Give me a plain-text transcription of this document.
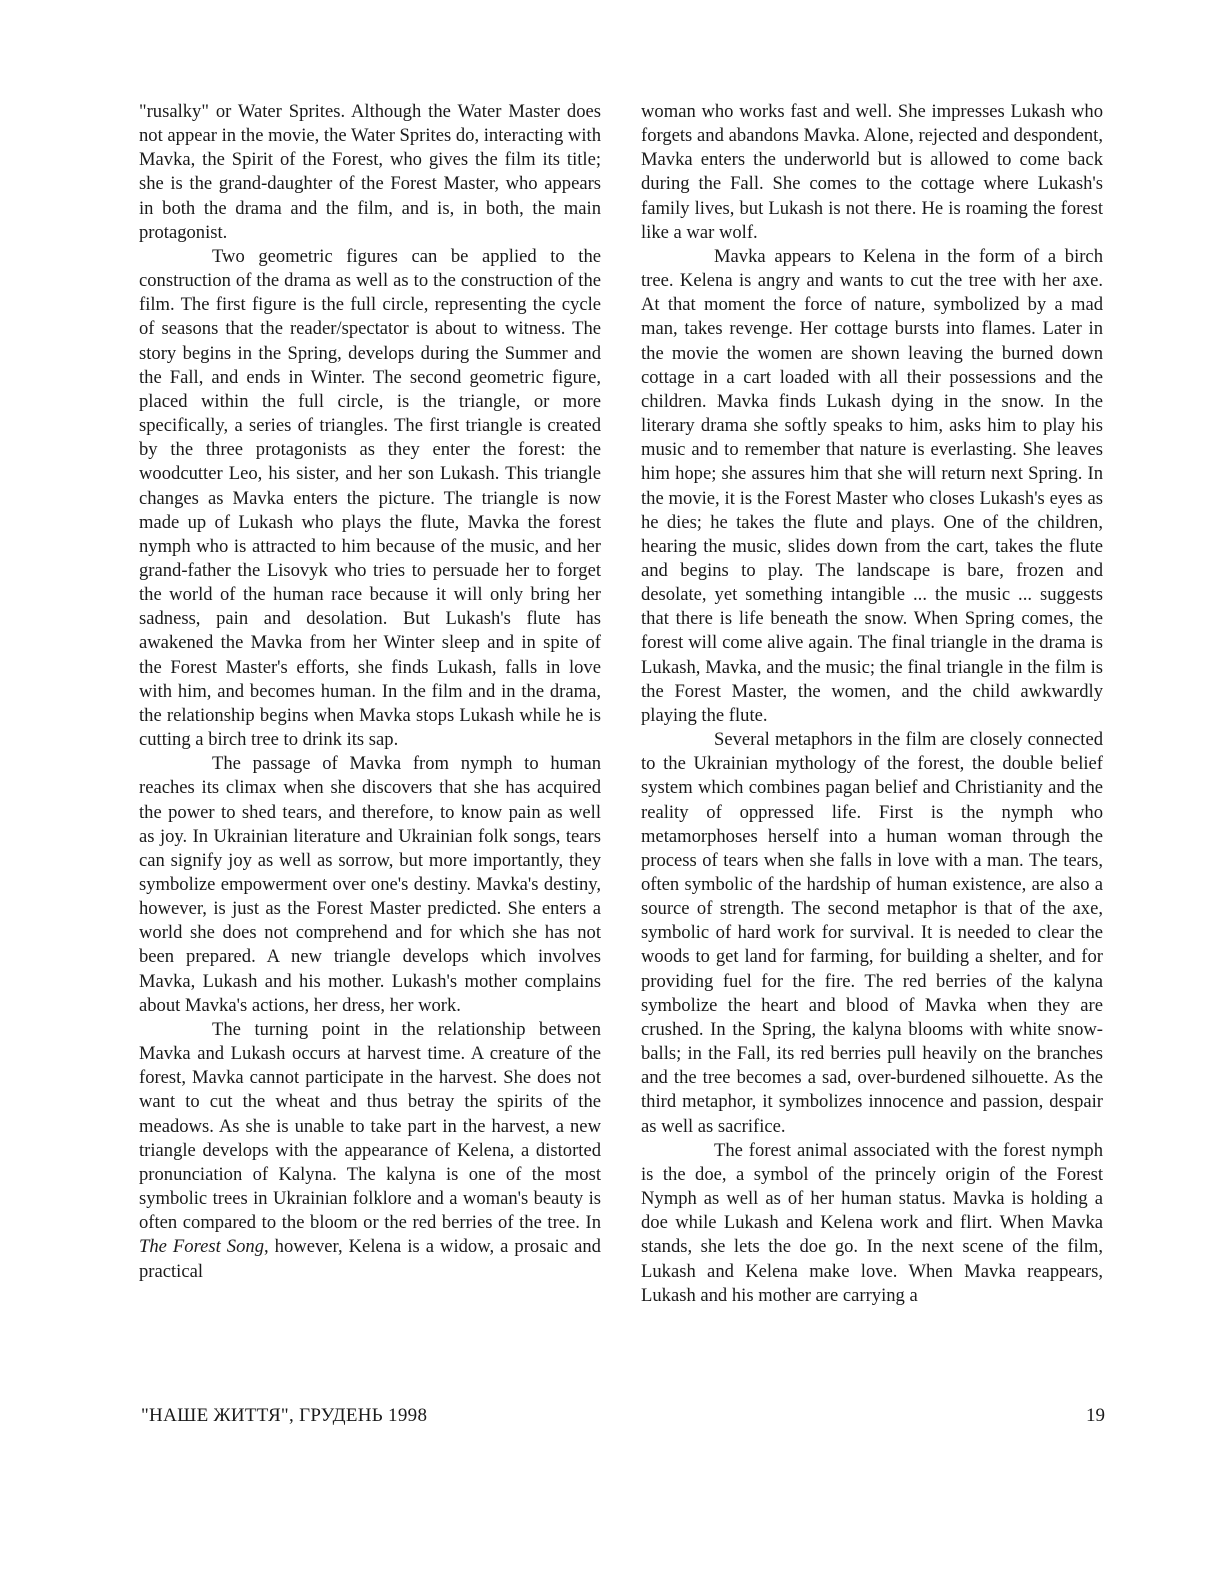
"rusalky" or Water Sprites. Although the Water Master does not appear in the movie, the Water Sprites do, interacting with Mavka, the Spirit of the Forest, who gives the film its title; she is the grand-daughter of the Forest Master, who appears in both the drama and the film, and is, in both, the main protagonist.

Two geometric figures can be applied to the construction of the drama as well as to the construction of the film. The first figure is the full circle, representing the cycle of seasons that the reader/spectator is about to witness. The story begins in the Spring, develops during the Summer and the Fall, and ends in Winter. The second geometric figure, placed within the full circle, is the triangle, or more specifically, a series of triangles. The first triangle is created by the three protagonists as they enter the forest: the woodcutter Leo, his sister, and her son Lukash. This triangle changes as Mavka enters the picture. The triangle is now made up of Lukash who plays the flute, Mavka the forest nymph who is attracted to him because of the music, and her grand-father the Lisovyk who tries to persuade her to forget the world of the human race because it will only bring her sadness, pain and desolation. But Lukash's flute has awakened the Mavka from her Winter sleep and in spite of the Forest Master's efforts, she finds Lukash, falls in love with him, and becomes human. In the film and in the drama, the relationship begins when Mavka stops Lukash while he is cutting a birch tree to drink its sap.

The passage of Mavka from nymph to human reaches its climax when she discovers that she has acquired the power to shed tears, and therefore, to know pain as well as joy. In Ukrainian literature and Ukrainian folk songs, tears can signify joy as well as sorrow, but more importantly, they symbolize empowerment over one's destiny. Mavka's destiny, however, is just as the Forest Master predicted. She enters a world she does not comprehend and for which she has not been prepared. A new triangle develops which involves Mavka, Lukash and his mother. Lukash's mother complains about Mavka's actions, her dress, her work.

The turning point in the relationship between Mavka and Lukash occurs at harvest time. A creature of the forest, Mavka cannot participate in the harvest. She does not want to cut the wheat and thus betray the spirits of the meadows. As she is unable to take part in the harvest, a new triangle develops with the appearance of Kelena, a distorted pronunciation of Kalyna. The kalyna is one of the most symbolic trees in Ukrainian folklore and a woman's beauty is often compared to the bloom or the red berries of the tree. In The Forest Song, however, Kelena is a widow, a prosaic and practical

woman who works fast and well. She impresses Lukash who forgets and abandons Mavka. Alone, rejected and despondent, Mavka enters the underworld but is allowed to come back during the Fall. She comes to the cottage where Lukash's family lives, but Lukash is not there. He is roaming the forest like a war wolf.

Mavka appears to Kelena in the form of a birch tree. Kelena is angry and wants to cut the tree with her axe. At that moment the force of nature, symbolized by a mad man, takes revenge. Her cottage bursts into flames. Later in the movie the women are shown leaving the burned down cottage in a cart loaded with all their possessions and the children. Mavka finds Lukash dying in the snow. In the literary drama she softly speaks to him, asks him to play his music and to remember that nature is everlasting. She leaves him hope; she assures him that she will return next Spring. In the movie, it is the Forest Master who closes Lukash's eyes as he dies; he takes the flute and plays. One of the children, hearing the music, slides down from the cart, takes the flute and begins to play. The landscape is bare, frozen and desolate, yet something intangible ... the music ... suggests that there is life beneath the snow. When Spring comes, the forest will come alive again. The final triangle in the drama is Lukash, Mavka, and the music; the final triangle in the film is the Forest Master, the women, and the child awkwardly playing the flute.

Several metaphors in the film are closely connected to the Ukrainian mythology of the forest, the double belief system which combines pagan belief and Christianity and the reality of oppressed life. First is the nymph who metamorphoses herself into a human woman through the process of tears when she falls in love with a man. The tears, often symbolic of the hardship of human existence, are also a source of strength. The second metaphor is that of the axe, symbolic of hard work for survival. It is needed to clear the woods to get land for farming, for building a shelter, and for providing fuel for the fire. The red berries of the kalyna symbolize the heart and blood of Mavka when they are crushed. In the Spring, the kalyna blooms with white snow-balls; in the Fall, its red berries pull heavily on the branches and the tree becomes a sad, over-burdened silhouette. As the third metaphor, it symbolizes innocence and passion, despair as well as sacrifice.

The forest animal associated with the forest nymph is the doe, a symbol of the princely origin of the Forest Nymph as well as of her human status. Mavka is holding a doe while Lukash and Kelena work and flirt. When Mavka stands, she lets the doe go. In the next scene of the film, Lukash and Kelena make love. When Mavka reappears, Lukash and his mother are carrying a

"НАШЕ ЖИТТЯ", ГРУДЕНЬ 1998	19
